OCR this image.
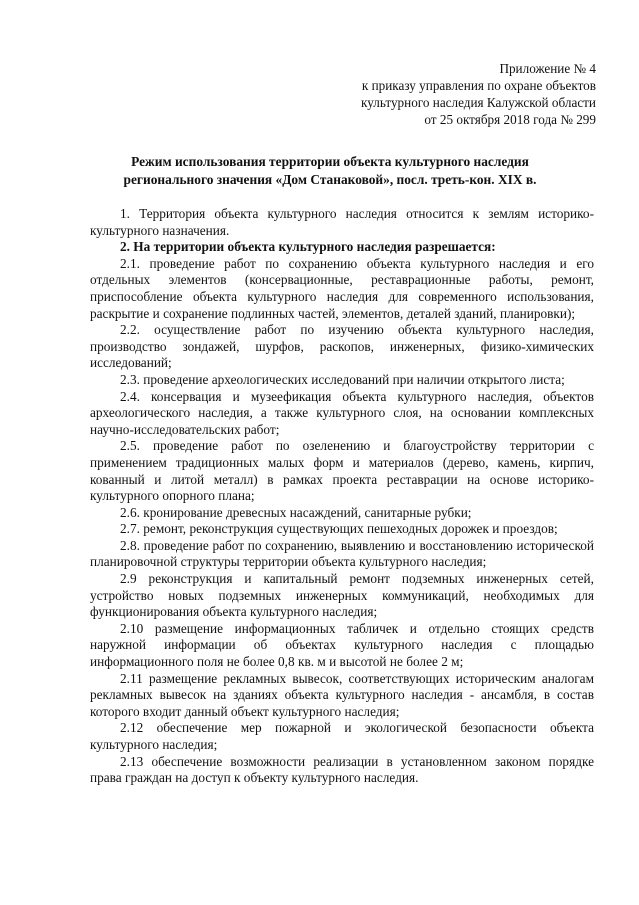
Приложение № 4
к приказу управления по охране объектов
культурного наследия Калужской области
от 25 октября 2018 года № 299
Режим использования территории объекта культурного наследия
регионального значения «Дом Станаковой», посл. треть-кон. XIX в.

1. Территория объекта культурного наследия относится к землям историко-культурного назначения.

2. На территории объекта культурного наследия разрешается:

2.1. проведение работ по сохранению объекта культурного наследия и его отдельных элементов (консервационные, реставрационные работы, ремонт, приспособление объекта культурного наследия для современного использования, раскрытие и сохранение подлинных частей, элементов, деталей зданий, планировки);

2.2. осуществление работ по изучению объекта культурного наследия, производство зондажей, шурфов, раскопов, инженерных, физико-химических исследований;

2.3. проведение археологических исследований при наличии открытого листа;

2.4. консервация и музеефикация объекта культурного наследия, объектов археологического наследия, а также культурного слоя, на основании комплексных научно-исследовательских работ;

2.5. проведение работ по озеленению и благоустройству территории с применением традиционных малых форм и материалов (дерево, камень, кирпич, кованный и литой металл) в рамках проекта реставрации на основе историко-культурного опорного плана;

2.6. кронирование древесных насаждений, санитарные рубки;

2.7. ремонт, реконструкция существующих пешеходных дорожек и проездов;

2.8. проведение работ по сохранению, выявлению и восстановлению исторической планировочной структуры территории объекта культурного наследия;

2.9 реконструкция и капитальный ремонт подземных инженерных сетей, устройство новых подземных инженерных коммуникаций, необходимых для функционирования объекта культурного наследия;

2.10 размещение информационных табличек и отдельно стоящих средств наружной информации об объектах культурного наследия с площадью информационного поля не более 0,8 кв. м и высотой не более 2 м;

2.11 размещение рекламных вывесок, соответствующих историческим аналогам рекламных вывесок на зданиях объекта культурного наследия - ансамбля, в состав которого входит данный объект культурного наследия;

2.12 обеспечение мер пожарной и экологической безопасности объекта культурного наследия;

2.13 обеспечение возможности реализации в установленном законом порядке права граждан на доступ к объекту культурного наследия.
